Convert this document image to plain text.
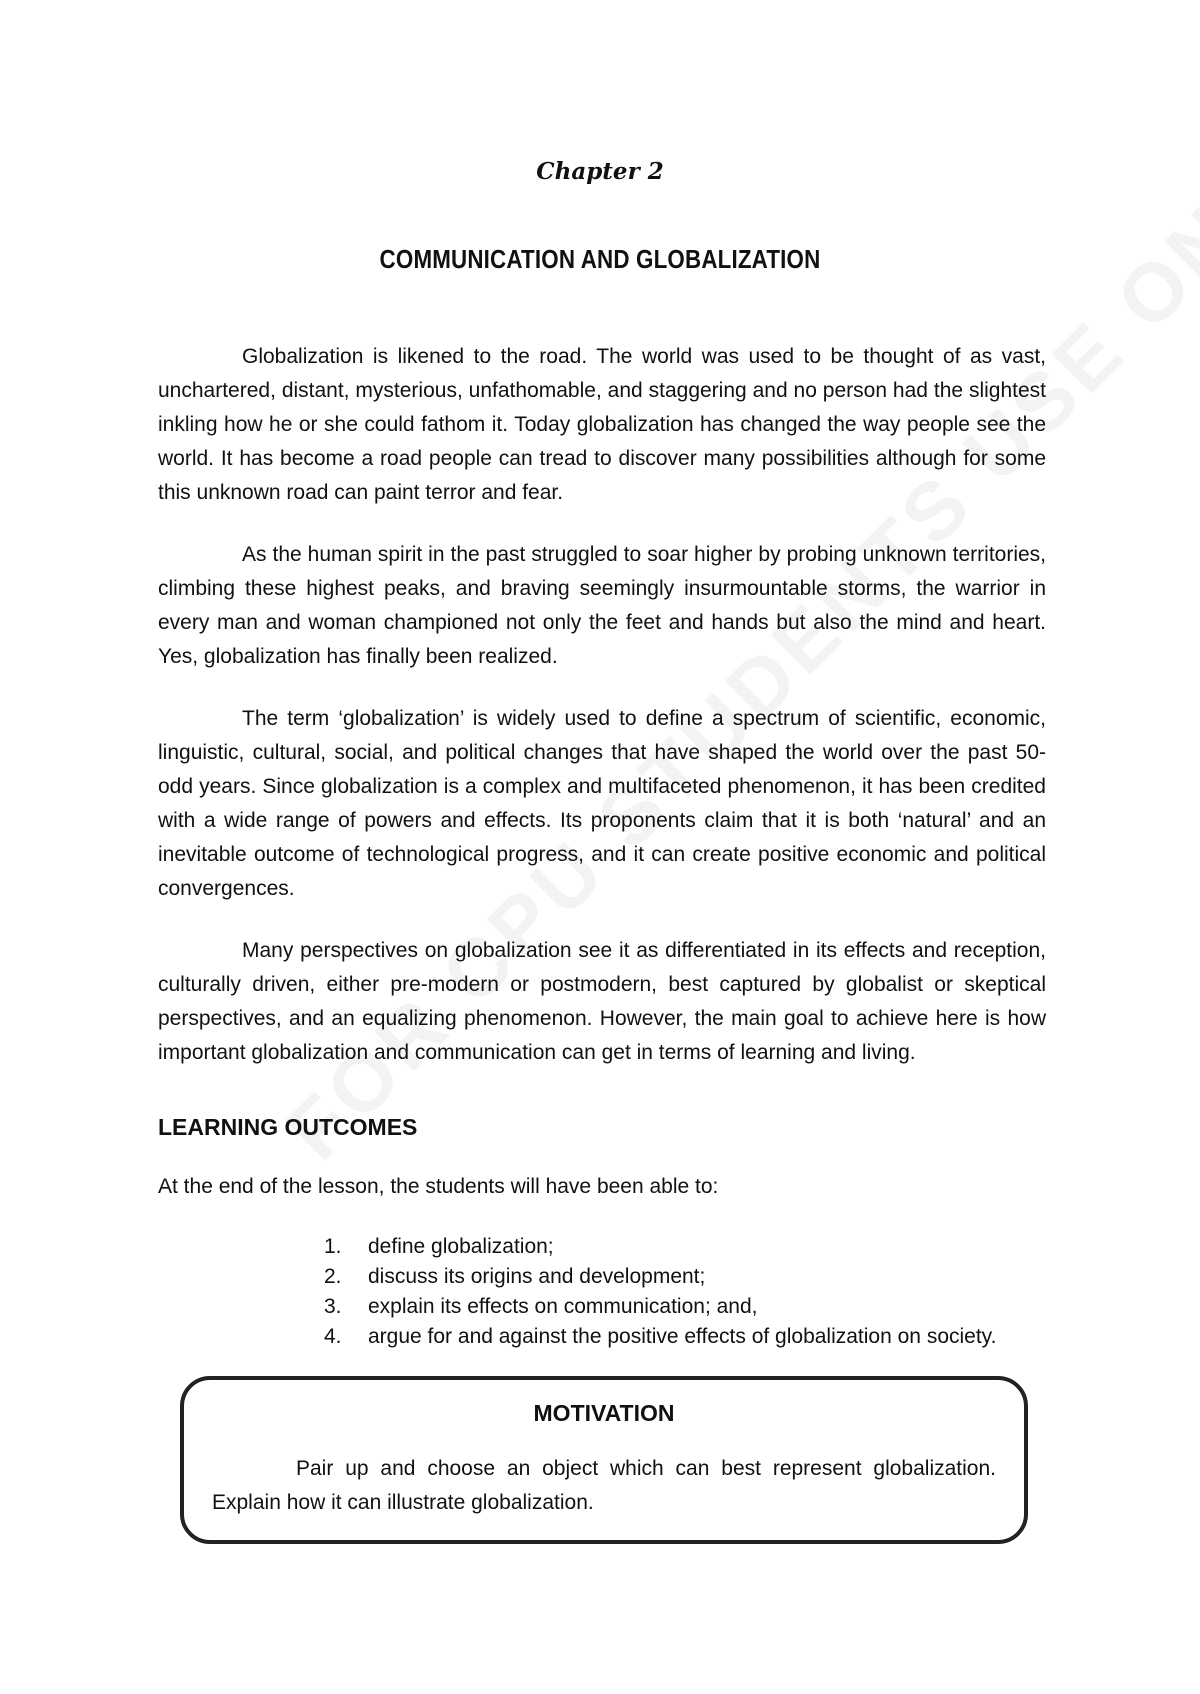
Chapter 2
COMMUNICATION AND GLOBALIZATION

Globalization is likened to the road. The world was used to be thought of as vast, unchartered, distant, mysterious, unfathomable, and staggering and no person had the slightest inkling how he or she could fathom it. Today globalization has changed the way people see the world. It has become a road people can tread to discover many possibilities although for some this unknown road can paint terror and fear.

As the human spirit in the past struggled to soar higher by probing unknown territories, climbing these highest peaks, and braving seemingly insurmountable storms, the warrior in every man and woman championed not only the feet and hands but also the mind and heart. Yes, globalization has finally been realized.

The term ‘globalization’ is widely used to define a spectrum of scientific, economic, linguistic, cultural, social, and political changes that have shaped the world over the past 50-odd years. Since globalization is a complex and multifaceted phenomenon, it has been credited with a wide range of powers and effects. Its proponents claim that it is both ‘natural’ and an inevitable outcome of technological progress, and it can create positive economic and political convergences.

Many perspectives on globalization see it as differentiated in its effects and reception, culturally driven, either pre-modern or postmodern, best captured by globalist or skeptical perspectives, and an equalizing phenomenon. However, the main goal to achieve here is how important globalization and communication can get in terms of learning and living.

LEARNING OUTCOMES
At the end of the lesson, the students will have been able to:
1.	define globalization;
2.	discuss its origins and development;
3.	explain its effects on communication; and,
4.	argue for and against the positive effects of globalization on society.
MOTIVATION

Pair up and choose an object which can best represent globalization. Explain how it can illustrate globalization.
